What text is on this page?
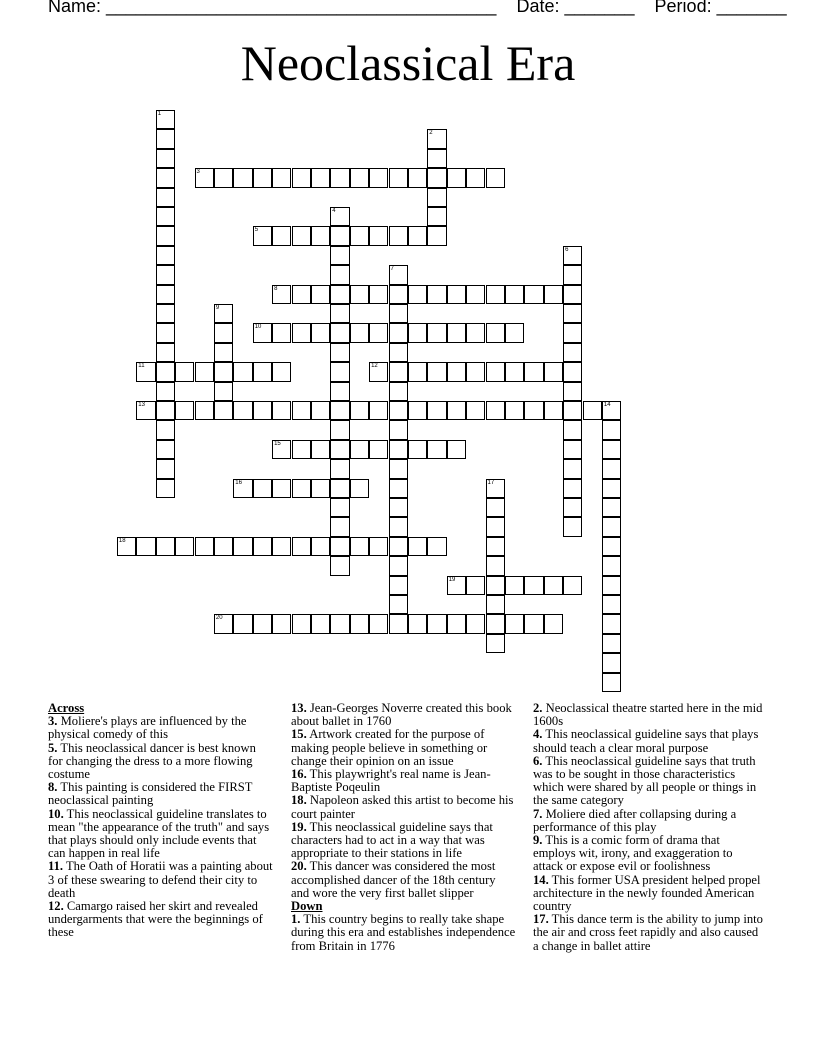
Name: _______________________________________    Date: _______    Period: _______
Neoclassical Era
1
2
3
4
5
6
7
8
9
10
11	12
13	14
15
16	17
18
19
20

Across

3. Moliere's plays are influenced by the physical comedy of this

5. This neoclassical dancer is best known for changing the dress to a more flowing costume

8. This painting is considered the FIRST neoclassical painting

10. This neoclassical guideline translates to mean "the appearance of the truth" and says that plays should only include events that can happen in real life

11. The Oath of Horatii was a painting about 3 of these swearing to defend their city to death

12. Camargo raised her skirt and revealed undergarments that were the beginnings of these

13. Jean-Georges Noverre created this book about ballet in 1760

15. Artwork created for the purpose of making people believe in something or change their opinion on an issue

16. This playwright's real name is Jean-Baptiste Poqeulin

18. Napoleon asked this artist to become his court painter

19. This neoclassical guideline says that characters had to act in a way that was appropriate to their stations in life

20. This dancer was considered the most accomplished dancer of the 18th century and wore the very first ballet slipper

Down

1. This country begins to really take shape during this era and establishes independence from Britain in 1776

2. Neoclassical theatre started here in the mid 1600s

4. This neoclassical guideline says that plays should teach a clear moral purpose

6. This neoclassical guideline says that truth was to be sought in those characteristics which were shared by all people or things in the same category

7. Moliere died after collapsing during a performance of this play

9. This is a comic form of drama that employs wit, irony, and exaggeration to attack or expose evil or foolishness

14. This former USA president helped propel architecture in the newly founded American country

17. This dance term is the ability to jump into the air and cross feet rapidly and also caused a change in ballet attire
